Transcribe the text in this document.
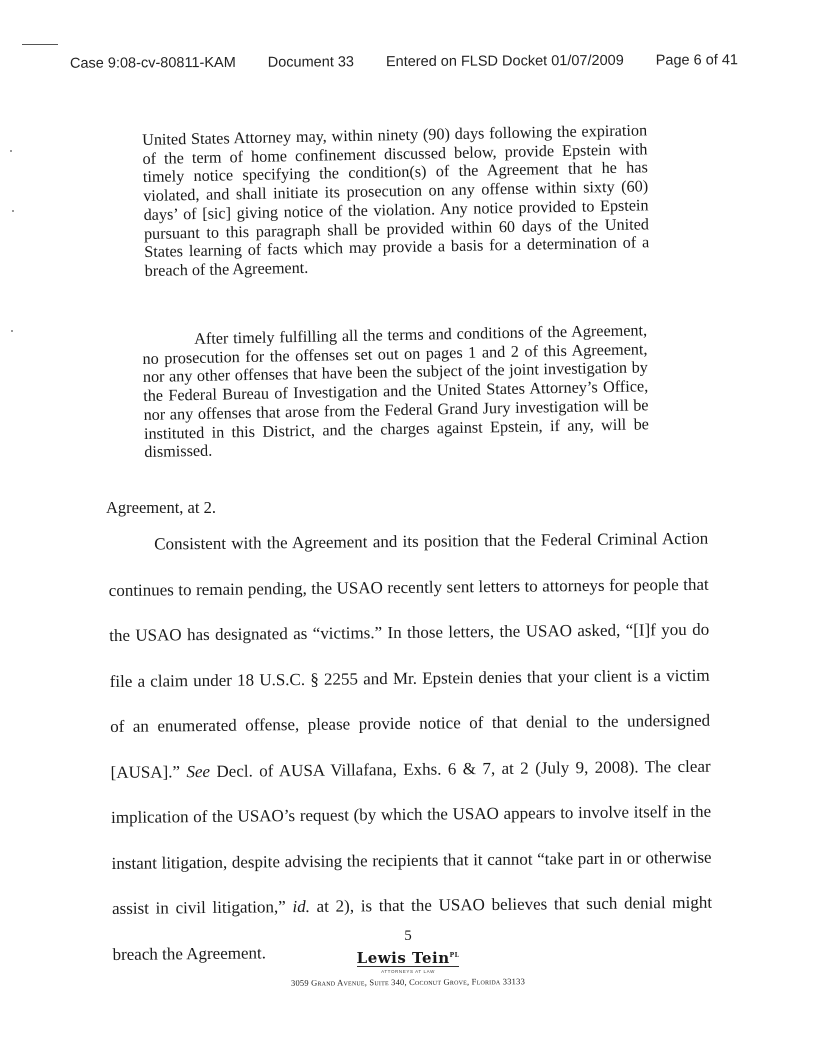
Case 9:08-cv-80811-KAM Document 33 Entered on FLSD Docket 01/07/2009 Page 6 of 41

United States Attorney may, within ninety (90) days following the expiration of the term of home confinement discussed below, provide Epstein with timely notice specifying the condition(s) of the Agreement that he has violated, and shall initiate its prosecution on any offense within sixty (60) days’ of [sic] giving notice of the violation. Any notice provided to Epstein pursuant to this paragraph shall be provided within 60 days of the United States learning of facts which may provide a basis for a determination of a breach of the Agreement.

After timely fulfilling all the terms and conditions of the Agreement, no prosecution for the offenses set out on pages 1 and 2 of this Agreement, nor any other offenses that have been the subject of the joint investigation by the Federal Bureau of Investigation and the United States Attorney’s Office, nor any offenses that arose from the Federal Grand Jury investigation will be instituted in this District, and the charges against Epstein, if any, will be dismissed.

Agreement, at 2.

Consistent with the Agreement and its position that the Federal Criminal Action continues to remain pending, the USAO recently sent letters to attorneys for people that the USAO has designated as “victims.” In those letters, the USAO asked, “[I]f you do file a claim under 18 U.S.C. § 2255 and Mr. Epstein denies that your client is a victim of an enumerated offense, please provide notice of that denial to the undersigned [AUSA].” See Decl. of AUSA Villafana, Exhs. 6 & 7, at 2 (July 9, 2008). The clear implication of the USAO’s request (by which the USAO appears to involve itself in the instant litigation, despite advising the recipients that it cannot “take part in or otherwise assist in civil litigation,” id. at 2), is that the USAO believes that such denial might breach the Agreement.

5
Lewis Tein$^{PL}$
ATTORNEYS AT LAW
3059 Grand Avenue, Suite 340, Coconut Grove, Florida 33133
